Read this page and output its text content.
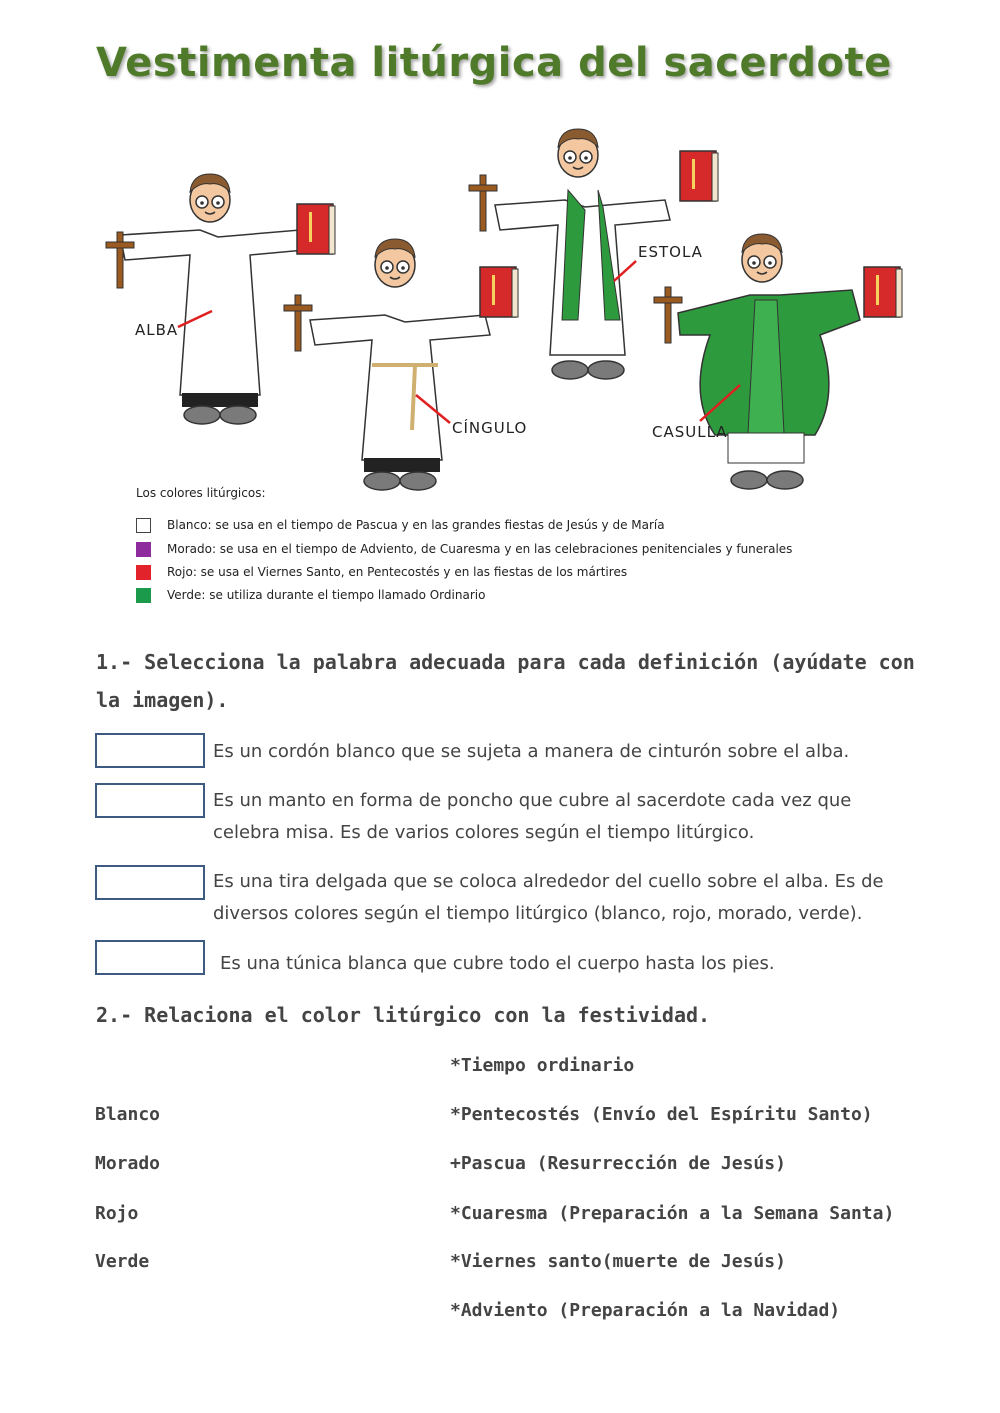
Vestimenta litúrgica del sacerdote
ALBA
CÍNGULO
ESTOLA
CASULLA
Los colores litúrgicos:
Blanco: se usa en el tiempo de Pascua y en las grandes fiestas de Jesús y de María
Morado: se usa en el tiempo de Adviento, de Cuaresma y en las celebraciones penitenciales y funerales
Rojo: se usa el Viernes Santo, en Pentecostés y en las fiestas de los mártires
Verde: se utiliza durante el tiempo llamado Ordinario

1.- Selecciona la palabra adecuada para cada definición (ayúdate con la imagen).

Es un cordón blanco que se sujeta a manera de cinturón sobre el alba.
Es un manto en forma de poncho que cubre al sacerdote cada vez que celebra misa. Es de varios colores según el tiempo litúrgico.
Es una tira delgada que se coloca alrededor del cuello sobre el alba. Es de diversos colores según el tiempo litúrgico (blanco, rojo, morado, verde).
Es una túnica blanca que cubre todo el cuerpo hasta los pies.

2.- Relaciona el color litúrgico con la festividad.

Blanco
Morado
Rojo
Verde
*Tiempo ordinario
*Pentecostés (Envío del Espíritu Santo)
+Pascua (Resurrección de Jesús)
*Cuaresma (Preparación a la Semana Santa)
*Viernes santo(muerte de Jesús)
*Adviento (Preparación a la Navidad)
